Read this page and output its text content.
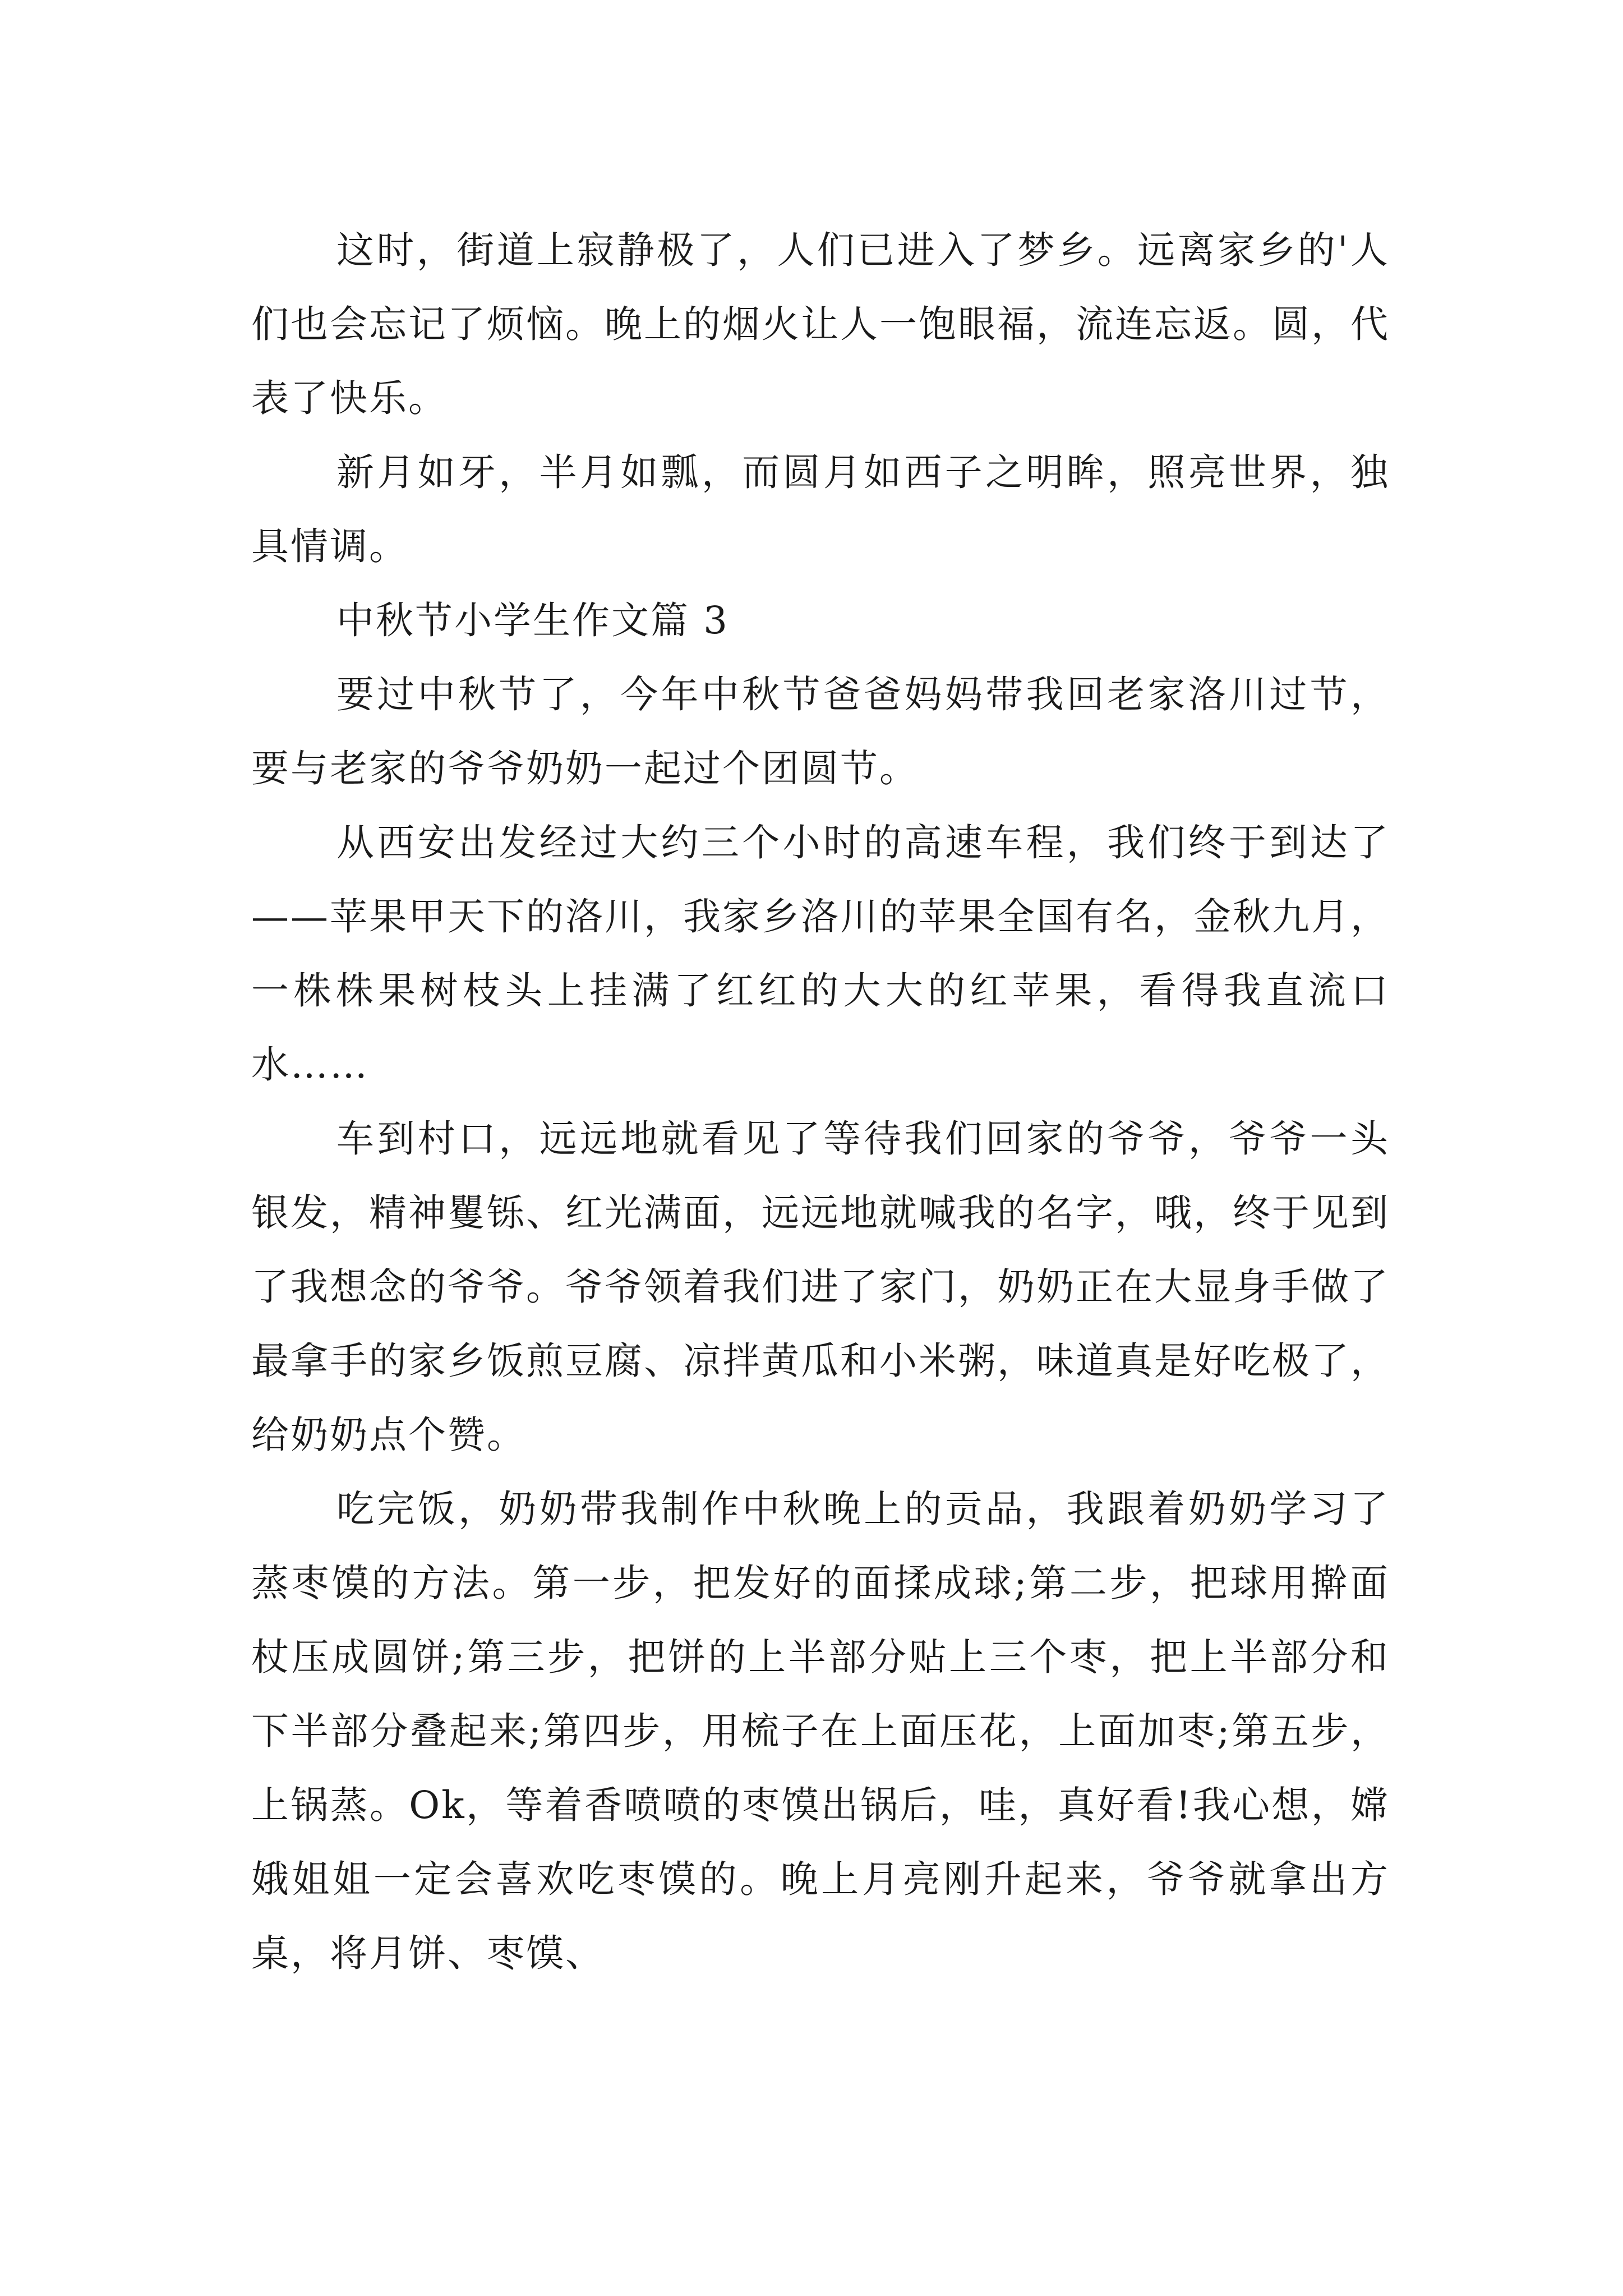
这时，街道上寂静极了，人们已进入了梦乡。远离家乡的'人们也会忘记了烦恼。晚上的烟火让人一饱眼福，流连忘返。圆，代表了快乐。

新月如牙，半月如瓢，而圆月如西子之明眸，照亮世界，独具情调。

中秋节小学生作文篇 3

要过中秋节了，今年中秋节爸爸妈妈带我回老家洛川过节，要与老家的爷爷奶奶一起过个团圆节。

从西安出发经过大约三个小时的高速车程，我们终于到达了——苹果甲天下的洛川，我家乡洛川的苹果全国有名，金秋九月，一株株果树枝头上挂满了红红的大大的红苹果，看得我直流口水……

车到村口，远远地就看见了等待我们回家的爷爷，爷爷一头银发，精神矍铄、红光满面，远远地就喊我的名字，哦，终于见到了我想念的爷爷。爷爷领着我们进了家门，奶奶正在大显身手做了最拿手的家乡饭煎豆腐、凉拌黄瓜和小米粥，味道真是好吃极了，给奶奶点个赞。

吃完饭，奶奶带我制作中秋晚上的贡品，我跟着奶奶学习了蒸枣馍的方法。第一步，把发好的面揉成球;第二步，把球用擀面杖压成圆饼;第三步，把饼的上半部分贴上三个枣，把上半部分和下半部分叠起来;第四步，用梳子在上面压花，上面加枣;第五步，上锅蒸。Ok，等着香喷喷的枣馍出锅后，哇，真好看!我心想，嫦娥姐姐一定会喜欢吃枣馍的。晚上月亮刚升起来，爷爷就拿出方桌，将月饼、枣馍、
